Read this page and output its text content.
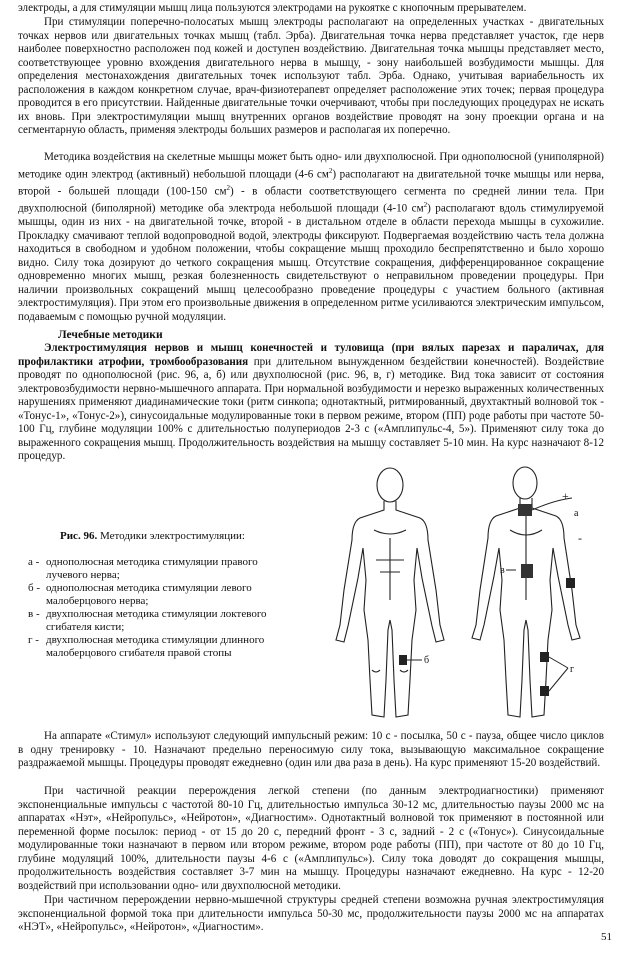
электроды, а для стимуляции мышц лица пользуются электродами на рукоятке с кнопочным прерывателем.

При стимуляции поперечно-полосатых мышц электроды располагают на определенных участках - двигательных точках нервов или двигательных точках мышц (табл. Эрба). Двигательная точка нерва представляет участок, где нерв наиболее поверхностно расположен под кожей и доступен воздействию. Двигательная точка мышцы представляет место, соответствующее уровню вхождения двигательного нерва в мышцу, - зону наибольшей возбудимости мышцы. Для определения местонахождения двигательных точек используют табл. Эрба. Однако, учитывая вариабельность их расположения в каждом конкретном случае, врач-физиотерапевт определяет расположение этих точек; первая процедура проводится в его присутствии. Найденные двигательные точки очерчивают, чтобы при последующих процедурах не искать их вновь. При электростимуляции мышц внутренних органов воздействие проводят на зону проекции органа и на сегментарную область, применяя электроды больших размеров и располагая их поперечно.

Методика воздействия на скелетные мышцы может быть одно- или двухполюсной. При однополюсной (униполярной) методике один электрод (активный) небольшой площади (4-6 $см^2$) располагают на двигательной точке мышцы или нерва, второй - большей площади (100-150 $см^2$) - в области соответствующего сегмента по средней линии тела. При двухполюсной (биполярной) методике оба электрода небольшой площади (4-10 $см^2$) располагают вдоль стимулируемой мышцы, один из них - на двигательной точке, второй - в дистальном отделе в области перехода мышцы в сухожилие. Прокладку смачивают теплой водопроводной водой, электроды фиксируют. Подвергаемая воздействию часть тела должна находиться в свободном и удобном положении, чтобы сокращение мышц проходило беспрепятственно и было хорошо видно. Силу тока дозируют до четкого сокращения мышц. Отсутствие сокращения, дифференцированное сокращение одновременно многих мышц, резкая болезненность свидетельствуют о неправильном проведении процедуры. При наличии произвольных сокращений мышц целесообразно проведение процедуры с участием больного (активная электростимуляция). При этом его произвольные движения в определенном ритме усиливаются электрическим импульсом, подаваемым с помощью ручной модуляции.

Лечебные методики

Электростимуляция нервов и мышц конечностей и туловища (при вялых парезах и параличах, для профилактики атрофии, тромбообразования при длительном вынужденном бездействии конечностей). Воздействие проводят по однополюсной (рис. 96, а, б) или двухполюсной (рис. 96, в, г) методике. Вид тока зависит от состояния электровозбудимости нервно-мышечного аппарата. При нормальной возбудимости и нерезко выраженных количественных нарушениях применяют диадинамические токи (ритм синкопа; однотактный, ритмированный, двухтактный волновой ток - «Тонус-1», «Тонус-2»), синусоидальные модулированные токи в первом режиме, втором (ПП) роде работы при частоте 50-100 Гц, глубине модуляции 100% с длительностью полупериодов 2-3 с («Амплипульс-4, 5»). Применяют силу тока до выраженного сокращения мышц. Продолжительность воздействия на мышцу составляет 5-10 мин. На курс назначают 8-12 процедур.

Рис. 96. Методики электростимуляции:
а - однополюсная методика стимуляции правого лучевого нерва;
б - однополюсная методика стимуляции левого малоберцового нерва;
в - двухполюсная методика стимуляции локтевого сгибателя кисти;
г - двухполюсная методика стимуляции длинного малоберцового сгибателя правой стопы
б
+
а
-
в
г

На аппарате «Стимул» используют следующий импульсный режим: 10 с - посылка, 50 с - пауза, общее число циклов в одну тренировку - 10. Назначают предельно переносимую силу тока, вызывающую максимальное сокращение раздражаемой мышцы. Процедуры проводят ежедневно (один или два раза в день). На курс применяют 15-20 воздействий.

При частичной реакции перерождения легкой степени (по данным электродиагностики) применяют экспоненциальные импульсы с частотой 80-10 Гц, длительностью импульса 30-12 мс, длительностью паузы 2000 мс на аппаратах «Нэт», «Нейропульс», «Нейротон», «Диагностим». Однотактный волновой ток применяют в постоянной или переменной форме посылок: период - от 15 до 20 с, передний фронт - 3 с, задний - 2 с («Тонус»). Синусоидальные модулированные токи назначают в первом или втором режиме, втором роде работы (ПП), при частоте от 80 до 10 Гц, глубине модуляций 100%, длительности паузы 4-6 с («Амплипульс»). Силу тока доводят до сокращения мышцы, продолжительность воздействия составляет 3-7 мин на мышцу. Процедуры назначают ежедневно. На курс - 12-20 воздействий при использовании одно- или двухполюсной методики.

При частичном перерождении нервно-мышечной структуры средней степени возможна ручная электростимуляция экспоненциальной формой тока при длительности импульса 50-30 мс, продолжительности паузы 2000 мс на аппаратах «НЭТ», «Нейропульс», «Нейротон», «Диагностим».

51
